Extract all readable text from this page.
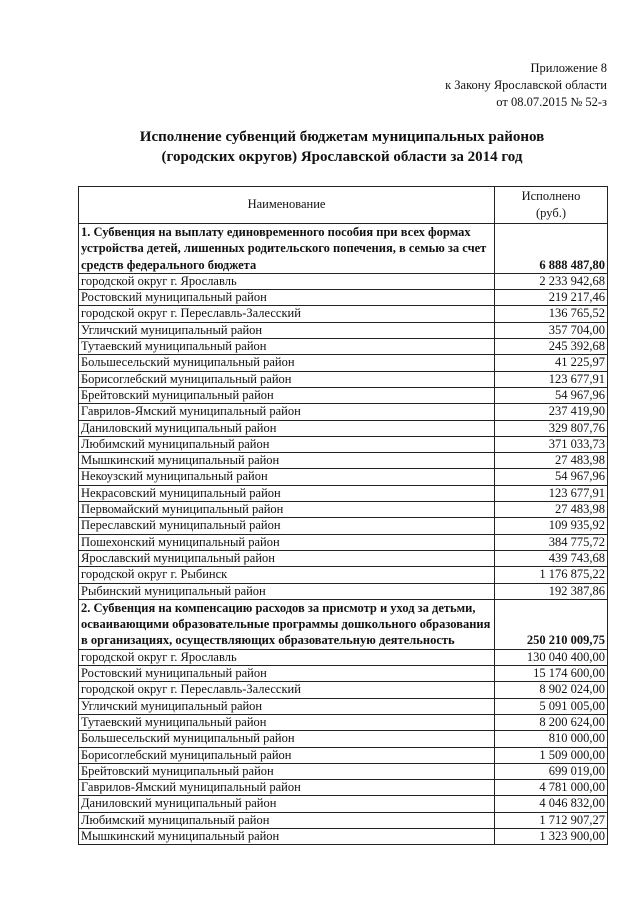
Приложение 8
к Закону Ярославской области
от 08.07.2015 № 52-з
Исполнение субвенций бюджетам муниципальных районов
(городских округов) Ярославской области за 2014 год
Наименование	Исполнено
(руб.)

1. Субвенция на выплату единовременного пособия при всех формах устройства детей, лишенных родительского попечения, в семью за счет средств федерального бюджета	6 888 487,80
городской округ г. Ярославль	2 233 942,68
Ростовский муниципальный район	219 217,46
городской округ г. Переславль-Залесский	136 765,52
Угличский муниципальный район	357 704,00
Тутаевский муниципальный район	245 392,68
Большесельский муниципальный район	41 225,97
Борисоглебский муниципальный район	123 677,91
Брейтовский муниципальный район	54 967,96
Гаврилов-Ямский муниципальный район	237 419,90
Даниловский муниципальный район	329 807,76
Любимский муниципальный район	371 033,73
Мышкинский муниципальный район	27 483,98
Некоузский муниципальный район	54 967,96
Некрасовский муниципальный район	123 677,91
Первомайский муниципальный район	27 483,98
Переславский муниципальный район	109 935,92
Пошехонский муниципальный район	384 775,72
Ярославский муниципальный район	439 743,68
городской округ г. Рыбинск	1 176 875,22
Рыбинский муниципальный район	192 387,86
2. Субвенция на компенсацию расходов за присмотр и уход за детьми, осваивающими образовательные программы дошкольного образования в организациях, осуществляющих образовательную деятельность	250 210 009,75
городской округ г. Ярославль	130 040 400,00
Ростовский муниципальный район	15 174 600,00
городской округ г. Переславль-Залесский	8 902 024,00
Угличский муниципальный район	5 091 005,00
Тутаевский муниципальный район	8 200 624,00
Большесельский муниципальный район	810 000,00
Борисоглебский муниципальный район	1 509 000,00
Брейтовский муниципальный район	699 019,00
Гаврилов-Ямский муниципальный район	4 781 000,00
Даниловский муниципальный район	4 046 832,00
Любимский муниципальный район	1 712 907,27
Мышкинский муниципальный район	1 323 900,00
